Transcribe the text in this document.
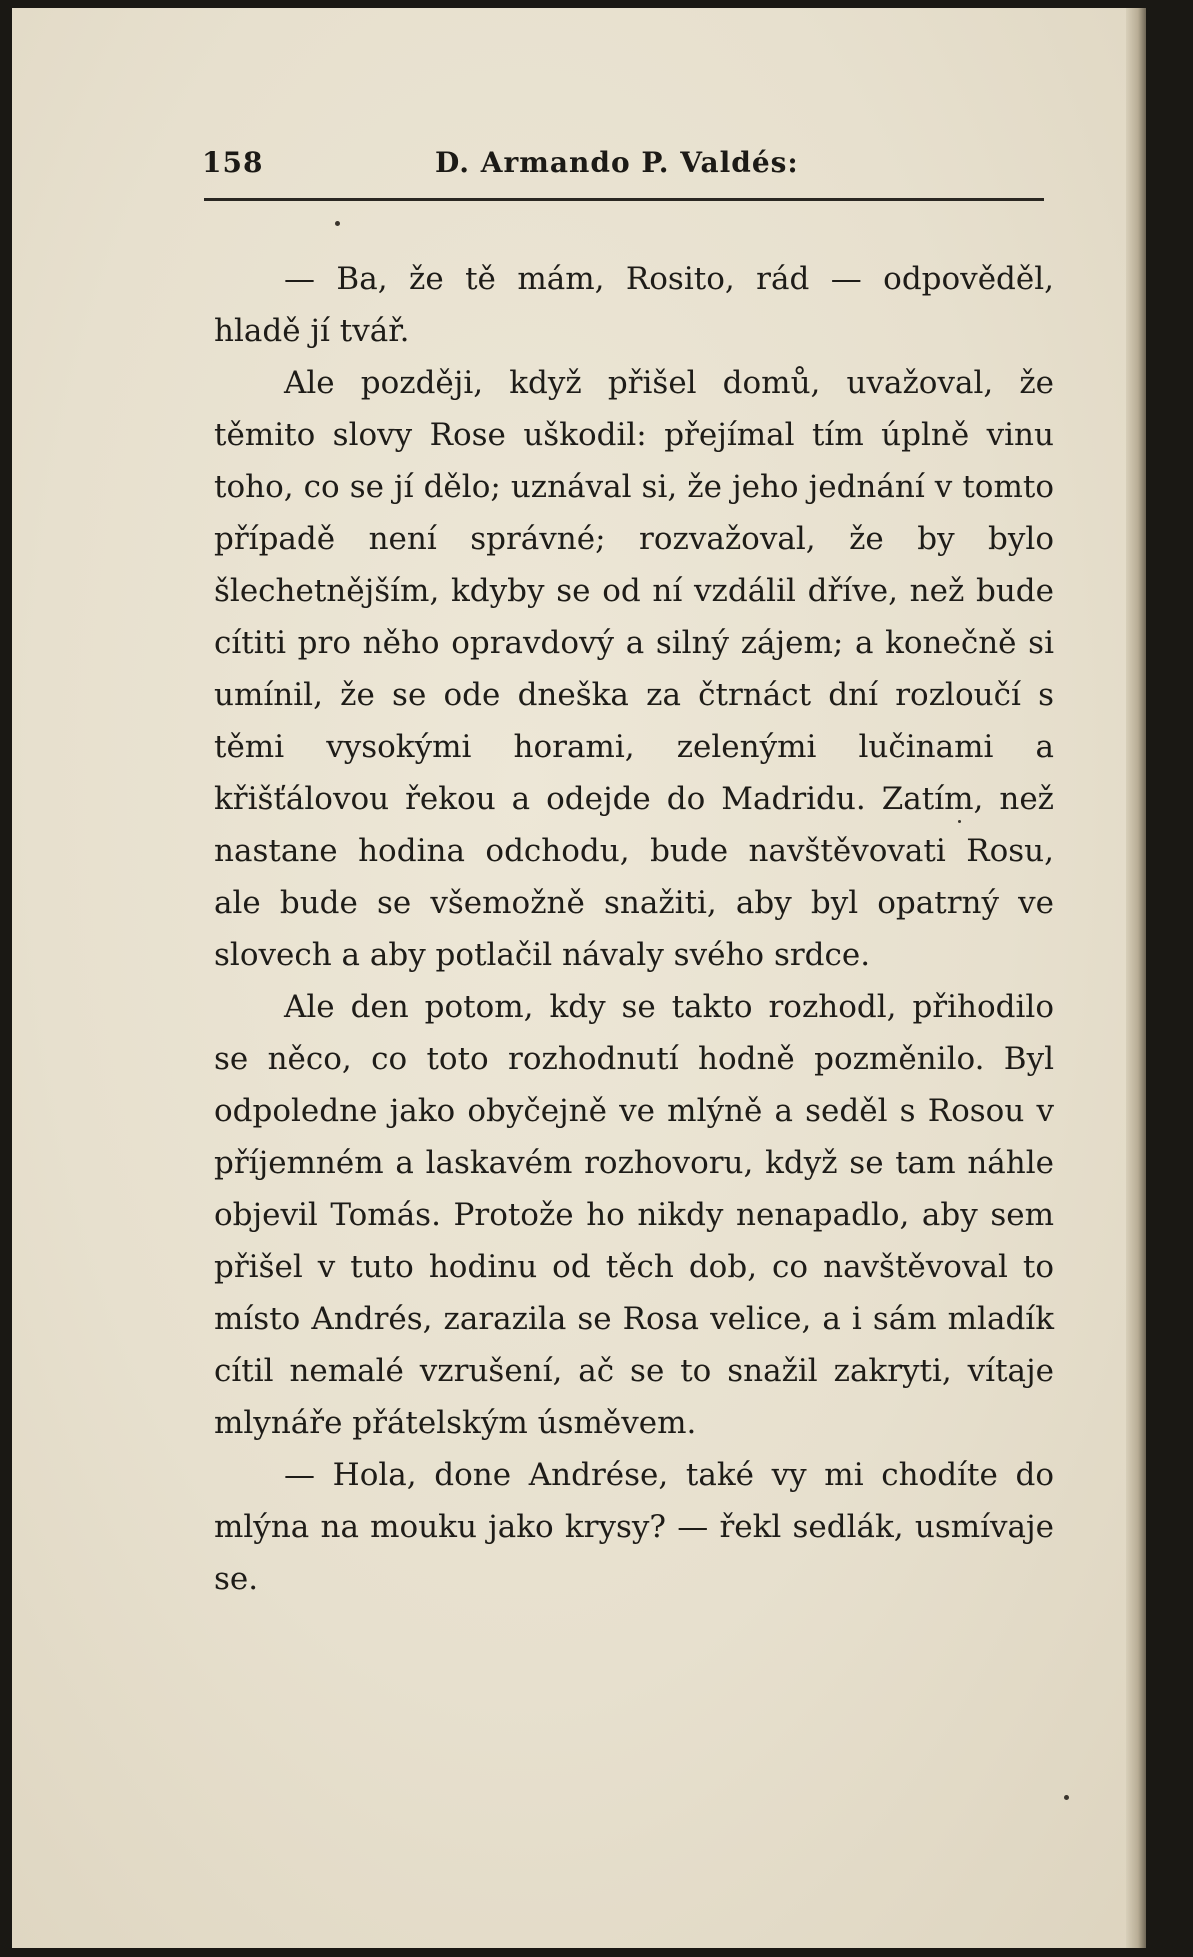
158	D. Armando P. Valdés:

— Ba, že tě mám, Rosito, rád — odpověděl, hladě jí tvář.

Ale později, když přišel domů, uvažoval, že těmito slovy Rose uškodil: přejímal tím úplně vinu toho, co se jí dělo; uznával si, že jeho jednání v tomto případě není správné; rozvažoval, že by bylo šlechetnějším, kdyby se od ní vzdálil dříve, než bude cítiti pro něho opravdový a silný zájem; a konečně si umínil, že se ode dneška za čtrnáct dní rozloučí s těmi vysokými horami, zelenými lučinami a křišťálovou řekou a odejde do Madridu. Zatím, než nastane hodina odchodu, bude navštěvovati Rosu, ale bude se všemožně snažiti, aby byl opatrný ve slovech a aby potlačil návaly svého srdce.

Ale den potom, kdy se takto rozhodl, přihodilo se něco, co toto rozhodnutí hodně pozměnilo. Byl odpoledne jako obyčejně ve mlýně a seděl s Rosou v příjemném a laskavém rozhovoru, když se tam náhle objevil Tomás. Protože ho nikdy nenapadlo, aby sem přišel v tuto hodinu od těch dob, co navštěvoval to místo Andrés, zarazila se Rosa velice, a i sám mladík cítil nemalé vzrušení, ač se to snažil zakryti, vítaje mlynáře přátelským úsměvem.

— Hola, done Andrése, také vy mi chodíte do mlýna na mouku jako krysy? — řekl sedlák, usmívaje se.
